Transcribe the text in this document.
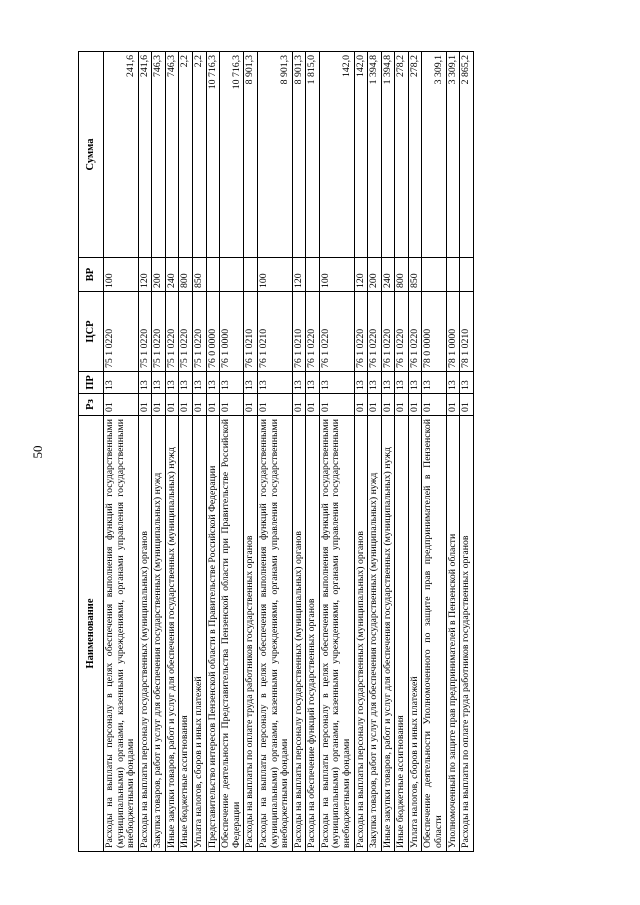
50
Наименование	Рз	ПР	ЦСР	ВР	Сумма
Расходы на выплаты персоналу в целях обеспечения выполнения функций государственными (муниципальными) органами, казенными учреждениями, органами управления государственными внебюджетными фондами	01	13	75 1 0220	100	241,6
Расходы на выплаты персоналу государственных (муниципальных) органов	01	13	75 1 0220	120	241,6
Закупка товаров, работ и услуг для обеспечения государственных (муниципальных) нужд	01	13	75 1 0220	200	746,3
Иные закупки товаров, работ и услуг для обеспечения государственных (муниципальных) нужд	01	13	75 1 0220	240	746,3
Иные бюджетные ассигнования	01	13	75 1 0220	800	2,2
Уплата налогов, сборов и иных платежей	01	13	75 1 0220	850	2,2
Представительство интересов Пензенской области в Правительстве Российской Федерации	01	13	76 0 0000		10 716,3
Обеспечение деятельности Представительства Пензенской области при Правительстве Российской Федерации	01	13	76 1 0000		10 716,3
Расходы на выплаты по оплате труда работников государственных органов	01	13	76 1 0210		8 901,3
Расходы на выплаты персоналу в целях обеспечения выполнения функций государственными (муниципальными) органами, казенными учреждениями, органами управления государственными внебюджетными фондами	01	13	76 1 0210	100	8 901,3
Расходы на выплаты персоналу государственных (муниципальных) органов	01	13	76 1 0210	120	8 901,3
Расходы на обеспечение функций государственных органов	01	13	76 1 0220		1 815,0
Расходы на выплаты персоналу в целях обеспечения выполнения функций государственными (муниципальными) органами, казенными учреждениями, органами управления государственными внебюджетными фондами	01	13	76 1 0220	100	142,0
Расходы на выплаты персоналу государственных (муниципальных) органов	01	13	76 1 0220	120	142,0
Закупка товаров, работ и услуг для обеспечения государственных (муниципальных) нужд	01	13	76 1 0220	200	1 394,8
Иные закупки товаров, работ и услуг для обеспечения государственных (муниципальных) нужд	01	13	76 1 0220	240	1 394,8
Иные бюджетные ассигнования	01	13	76 1 0220	800	278,2
Уплата налогов, сборов и иных платежей	01	13	76 1 0220	850	278,2
Обеспечение деятельности Уполномоченного по защите прав предпринимателей в Пензенской области	01	13	78 0 0000		3 309,1
Уполномоченный по защите прав предпринимателей в Пензенской области	01	13	78 1 0000		3 309,1
Расходы на выплаты по оплате труда работников государственных органов	01	13	78 1 0210		2 865,2
